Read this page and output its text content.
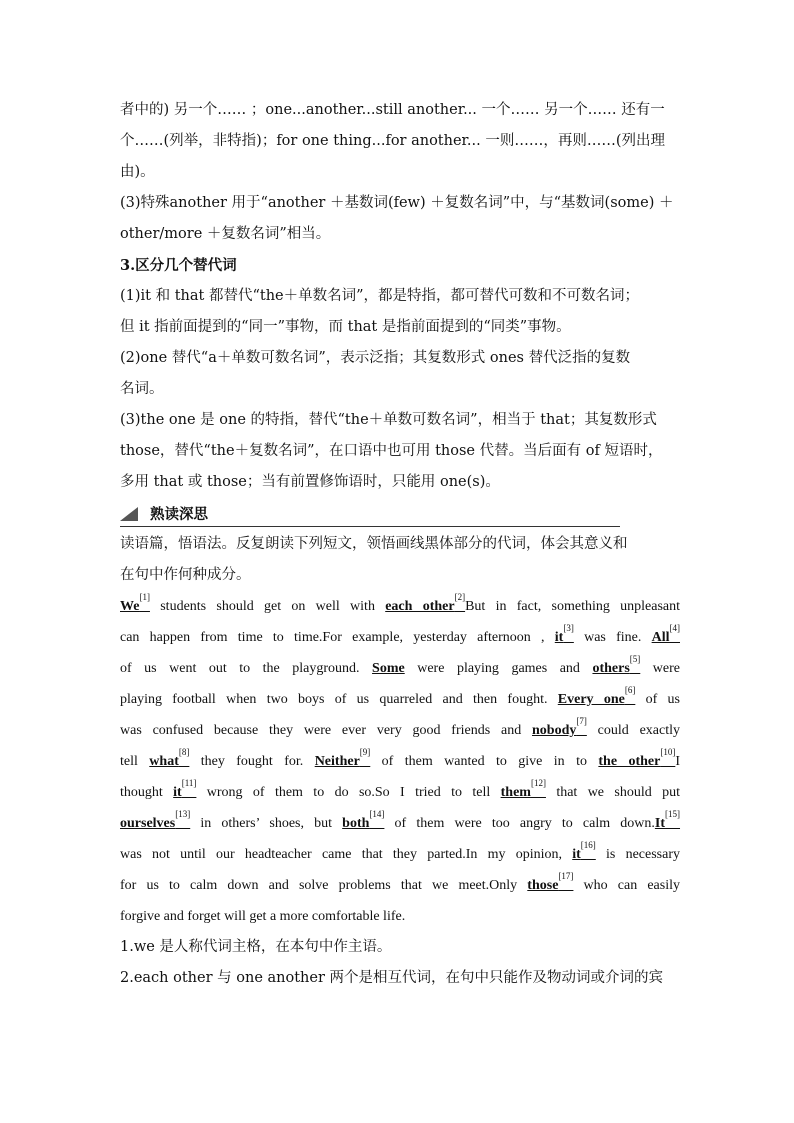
者中的) 另一个…… ；one...another...still another... 一个…… 另一个…… 还有一

个……(列举，非特指)；for one thing...for another... 一则……，再则……(列出理

由)。

(3)特殊another 用于“another ＋基数词(few) ＋复数名词”中，与“基数词(some) ＋

other/more ＋复数名词”相当。

3.区分几个替代词

(1)it 和 that 都替代“the＋单数名词”，都是特指，都可替代可数和不可数名词；

但 it 指前面提到的“同一”事物，而 that 是指前面提到的“同类”事物。

(2)one 替代“a＋单数可数名词”，表示泛指；其复数形式 ones 替代泛指的复数

名词。

(3)the one 是 one 的特指，替代“the＋单数可数名词”，相当于 that；其复数形式

those，替代“the＋复数名词”，在口语中也可用 those 代替。当后面有 of 短语时，

多用 that 或 those；当有前置修饰语时，只能用 one(s)。

熟读深思

读语篇，悟语法。反复朗读下列短文，领悟画线黑体部分的代词，体会其意义和

在句中作何种成分。

We[1] students should get on well with each other[2]But in fact, something unpleasant

can happen from time to time.For example, yesterday afternoon , it[3] was fine. All[4]

of us went out to the playground. Some were playing games and others[5] were

playing football when two boys of us quarreled and then fought. Every one[6] of us

was confused because they were ever very good friends and nobody[7] could exactly

tell what[8] they fought for. Neither[9] of them wanted to give in to the other[10]I

thought it[11] wrong of them to do so.So I tried to tell them[12] that we should put

ourselves[13] in others’ shoes, but both[14] of them were too angry to calm down.It[15]

was not until our headteacher came that they parted.In my opinion, it[16] is necessary

for us to calm down and solve problems that we meet.Only those[17] who can easily

forgive and forget will get a more comfortable life.

1.we 是人称代词主格，在本句中作主语。

2.each other 与 one another 两个是相互代词，在句中只能作及物动词或介词的宾
